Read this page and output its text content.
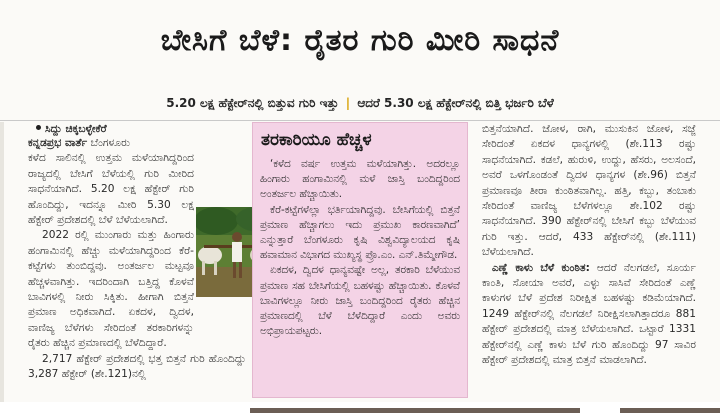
ಬೇಸಿಗೆ ಬೆಳೆ: ರೈತರ ಗುರಿ ಮೀರಿ ಸಾಧನೆ
5.20 ಲಕ್ಷ ಹೆಕ್ಟೇರ್‌ನಲ್ಲಿ ಬಿತ್ತುವ ಗುರಿ ಇತ್ತು | ಆದರೆ 5.30 ಲಕ್ಷ ಹೆಕ್ಟೇರ್‌ನಲ್ಲಿ ಬಿತ್ತಿ ಭರ್ಜರಿ ಬೆಳೆ
ಸಿದ್ದು ಚಿಕ್ಕಬಳ್ಳೇಕೆರೆ
ಕನ್ನಡಪ್ರಭ ವಾರ್ತೆ ಬೆಂಗಳೂರು

ಕಳೆದ ಸಾಲಿನಲ್ಲಿ ಉತ್ತಮ ಮಳೆಯಾಗಿದ್ದರಿಂದ ರಾಜ್ಯದಲ್ಲಿ ಬೇಸಿಗೆ ಬೆಳೆಯಲ್ಲಿ ಗುರಿ ಮೀರಿದ ಸಾಧನೆಯಾಗಿದೆ. 5.20 ಲಕ್ಷ ಹೆಕ್ಟೇರ್ ಗುರಿ ಹೊಂದಿದ್ದು, ಇದನ್ನೂ ಮೀರಿ 5.30 ಲಕ್ಷ ಹೆಕ್ಟೇರ್ ಪ್ರದೇಶದಲ್ಲಿ ಬೆಳೆ ಬೆಳೆಯಲಾಗಿದೆ.

2022 ರಲ್ಲಿ ಮುಂಗಾರು ಮತ್ತು ಹಿಂಗಾರು ಹಂಗಾಮಿನಲ್ಲಿ ಹೆಚ್ಚು ಮಳೆಯಾಗಿದ್ದರಿಂದ ಕೆರೆ-ಕಟ್ಟೆಗಳು ತುಂಬಿದ್ದವು. ಅಂತರ್ಜಲ ಮಟ್ಟವೂ ಹೆಚ್ಚಳವಾಗಿತ್ತು. ಇದರಿಂದಾಗಿ ಬತ್ತಿದ್ದ ಕೊಳವೆ ಬಾವಿಗಳಲ್ಲಿ ನೀರು ಸಿಕ್ಕಿತು. ಹೀಗಾಗಿ ಬಿತ್ತನೆ ಪ್ರಮಾಣ ಅಧಿಕವಾಗಿದೆ. ಏಕದಳ, ದ್ವಿದಳ, ವಾಣಿಜ್ಯ ಬೆಳೆಗಳು ಸೇರಿದಂತೆ ತರಕಾರಿಗಳನ್ನು ರೈತರು ಹೆಚ್ಚಿನ ಪ್ರಮಾಣದಲ್ಲಿ ಬೆಳೆದಿದ್ದಾರೆ.

2,717 ಹೆಕ್ಟೇರ್ ಪ್ರದೇಶದಲ್ಲಿ ಭತ್ತ ಬಿತ್ತನೆ ಗುರಿ ಹೊಂದಿದ್ದು 3,287 ಹೆಕ್ಟೇರ್‌ (ಶೇ.121)ನಲ್ಲಿ

ತರಕಾರಿಯೂ ಹೆಚ್ಚಳ

‘ಕಳೆದ ವರ್ಷ ಉತ್ತಮ ಮಳೆಯಾಗಿತ್ತು. ಅದರಲ್ಲೂ ಹಿಂಗಾರು ಹಂಗಾಮಿನಲ್ಲಿ ಮಳೆ ಜಾಸ್ತಿ ಬಂದಿದ್ದರಿಂದ ಅಂತರ್ಜಲ ಹೆಚ್ಚಾಯಿತು.

ಕೆರೆ-ಕಟ್ಟೆಗಳೆಲ್ಲಾ ಭರ್ತಿಯಾಗಿದ್ದವು. ಬೇಸಿಗೆಯಲ್ಲಿ ಬಿತ್ತನೆ ಪ್ರಮಾಣ ಹೆಚ್ಚಾಗಲು ಇದು ಪ್ರಮುಖ ಕಾರಣವಾಗಿದೆ’ ಎನ್ನುತ್ತಾರೆ ಬೆಂಗಳೂರು ಕೃಷಿ ವಿಶ್ವವಿದ್ಯಾಲಯದ ಕೃಷಿ ಹವಾಮಾನ ವಿಭಾಗದ ಮುಖ್ಯಸ್ಥ ಪ್ರೊ.ಎಂ. ಎನ್.ತಿಮ್ಮೇಗೌಡ.

ಏಕದಳ, ದ್ವಿದಳ ಧಾನ್ಯವಷ್ಟೇ ಅಲ್ಲ, ತರಕಾರಿ ಬೆಳೆಯುವ ಪ್ರಮಾಣ ಸಹ ಬೇಸಿಗೆಯಲ್ಲಿ ಬಹಳಷ್ಟು ಹೆಚ್ಚಾಯಿತು. ಕೊಳವೆ ಬಾವಿಗಳಲ್ಲೂ ನೀರು ಜಾಸ್ತಿ ಬಂದಿದ್ದರಿಂದ ರೈತರು ಹೆಚ್ಚಿನ ಪ್ರಮಾಣದಲ್ಲಿ ಬೆಳೆ ಬೆಳೆದಿದ್ದಾರೆ ಎಂದು ಅವರು ಅಭಿಪ್ರಾಯಪಟ್ಟರು.

ಬಿತ್ತನೆಯಾಗಿದೆ. ಜೋಳ, ರಾಗಿ, ಮುಸುಕಿನ ಜೋಳ, ಸಜ್ಜೆ ಸೇರಿದಂತೆ ಏಕದಳ ಧಾನ್ಯಗಳಲ್ಲಿ (ಶೇ.113 ರಷ್ಟು ಸಾಧನೆಯಾಗಿದೆ. ಕಡಲೆ, ಹುರುಳಿ, ಉದ್ದು, ಹೆಸರು, ಅಲಸಂದೆ, ಅವರೆ ಒಳಗೊಂಡಂತೆ ದ್ವಿದಳ ಧಾನ್ಯಗಳ (ಶೇ.96) ಬಿತ್ತನೆ ಪ್ರಮಾಣವೂ ತೀರಾ ಕುಂಠಿತವಾಗಿಲ್ಲ. ಹತ್ತಿ, ಕಬ್ಬು, ತಂಬಾಕು ಸೇರಿದಂತೆ ವಾಣಿಜ್ಯ ಬೆಳೆಗಳಲ್ಲೂ ಶೇ.102 ರಷ್ಟು ಸಾಧನೆಯಾಗಿದೆ. 390 ಹೆಕ್ಟೇರ್‌ನಲ್ಲಿ ಬೇಸಿಗೆ ಕಬ್ಬು ಬೆಳೆಯುವ ಗುರಿ ಇತ್ತು. ಆದರೆ, 433 ಹೆಕ್ಟೇರ್‌ನಲ್ಲಿ (ಶೇ.111) ಬೆಳೆಯಲಾಗಿದೆ.

ಎಣ್ಣೆ ಕಾಳು ಬೆಳೆ ಕುಂಠಿತ: ಆದರೆ ನೆಲಗಡಲೆ, ಸೂರ್ಯ ಕಾಂತಿ, ಸೋಯಾ ಅವರೆ, ಎಳ್ಳು ಸಾಸಿವೆ ಸೇರಿದಂತೆ ಎಣ್ಣೆ ಕಾಳುಗಳ ಬೆಳೆ ಪ್ರದೇಶ ನಿರೀಕ್ಷಿತ ಬಹಳಷ್ಟು ಕಡಿಮೆಯಾಗಿದೆ. 1249 ಹೆಕ್ಟೇರ್‌ನಲ್ಲಿ ನೆಲಗಡಲೆ ನಿರೀಕ್ಷಿಸಲಾಗಿತ್ತಾದರೂ 881 ಹೆಕ್ಟೇರ್ ಪ್ರದೇಶದಲ್ಲಿ ಮಾತ್ರ ಬೆಳೆಯಲಾಗಿದೆ. ಒಟ್ಟಾರೆ 1331 ಹೆಕ್ಟೇರ್‌ನಲ್ಲಿ ಎಣ್ಣೆ ಕಾಳು ಬೆಳೆ ಗುರಿ ಹೊಂದಿದ್ದು 97 ಸಾವಿರ ಹೆಕ್ಟೇರ್ ಪ್ರದೇಶದಲ್ಲಿ ಮಾತ್ರ ಬಿತ್ತನೆ ಮಾಡಲಾಗಿದೆ.
